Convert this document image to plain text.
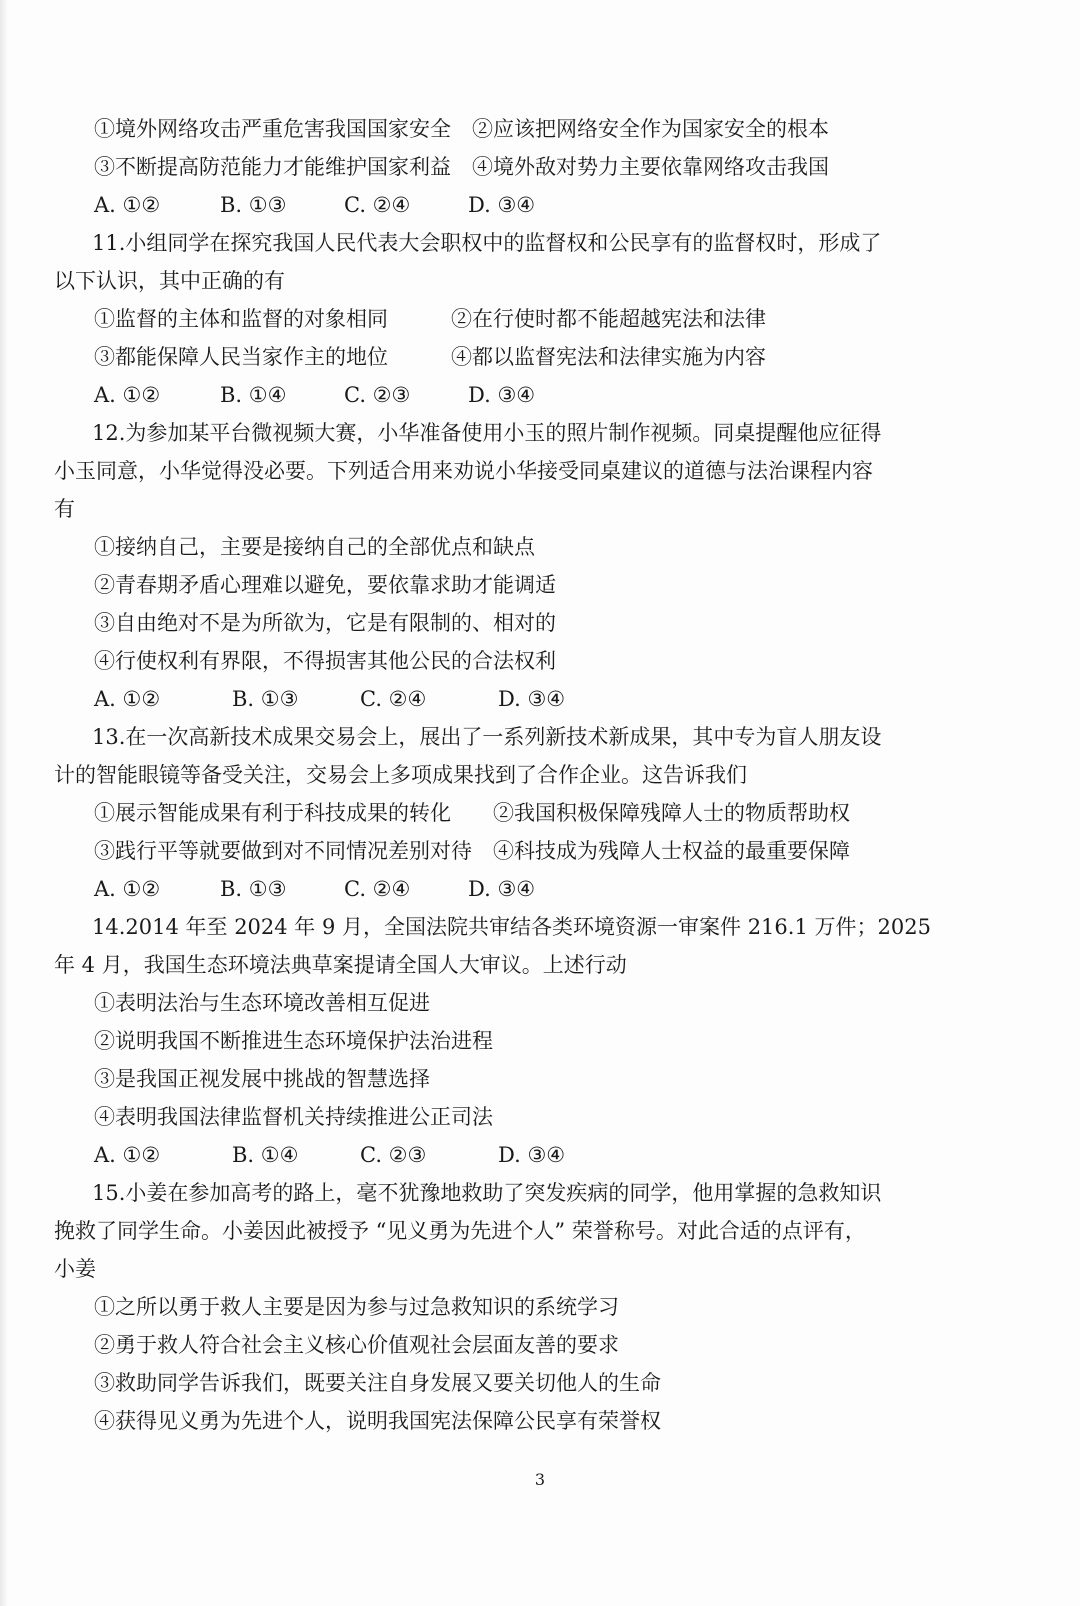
①境外网络攻击严重危害我国国家安全　②应该把网络安全作为国家安全的根本
③不断提高防范能力才能维护国家利益　④境外敌对势力主要依靠网络攻击我国
A. ①②	B. ①③	C. ②④	D. ③④
11.小组同学在探究我国人民代表大会职权中的监督权和公民享有的监督权时，形成了
以下认识，其中正确的有
①监督的主体和监督的对象相同　　　②在行使时都不能超越宪法和法律
③都能保障人民当家作主的地位　　　④都以监督宪法和法律实施为内容
A. ①②	B. ①④	C. ②③	D. ③④
12.为参加某平台微视频大赛，小华准备使用小玉的照片制作视频。同桌提醒他应征得
小玉同意，小华觉得没必要。下列适合用来劝说小华接受同桌建议的道德与法治课程内容
有
①接纳自己，主要是接纳自己的全部优点和缺点
②青春期矛盾心理难以避免，要依靠求助才能调适
③自由绝对不是为所欲为，它是有限制的、相对的
④行使权利有界限，不得损害其他公民的合法权利
A. ①②	B. ①③	C. ②④	D. ③④
13.在一次高新技术成果交易会上，展出了一系列新技术新成果，其中专为盲人朋友设
计的智能眼镜等备受关注，交易会上多项成果找到了合作企业。这告诉我们
①展示智能成果有利于科技成果的转化　　②我国积极保障残障人士的物质帮助权
③践行平等就要做到对不同情况差别对待　④科技成为残障人士权益的最重要保障
A. ①②	B. ①③	C. ②④	D. ③④
14.2014 年至 2024 年 9 月，全国法院共审结各类环境资源一审案件 216.1 万件；2025
年 4 月，我国生态环境法典草案提请全国人大审议。上述行动
①表明法治与生态环境改善相互促进
②说明我国不断推进生态环境保护法治进程
③是我国正视发展中挑战的智慧选择
④表明我国法律监督机关持续推进公正司法
A. ①②	B. ①④	C. ②③	D. ③④
15.小姜在参加高考的路上，毫不犹豫地救助了突发疾病的同学，他用掌握的急救知识
挽救了同学生命。小姜因此被授予 “见义勇为先进个人” 荣誉称号。对此合适的点评有，
小姜
①之所以勇于救人主要是因为参与过急救知识的系统学习
②勇于救人符合社会主义核心价值观社会层面友善的要求
③救助同学告诉我们，既要关注自身发展又要关切他人的生命
④获得见义勇为先进个人，说明我国宪法保障公民享有荣誉权
3
